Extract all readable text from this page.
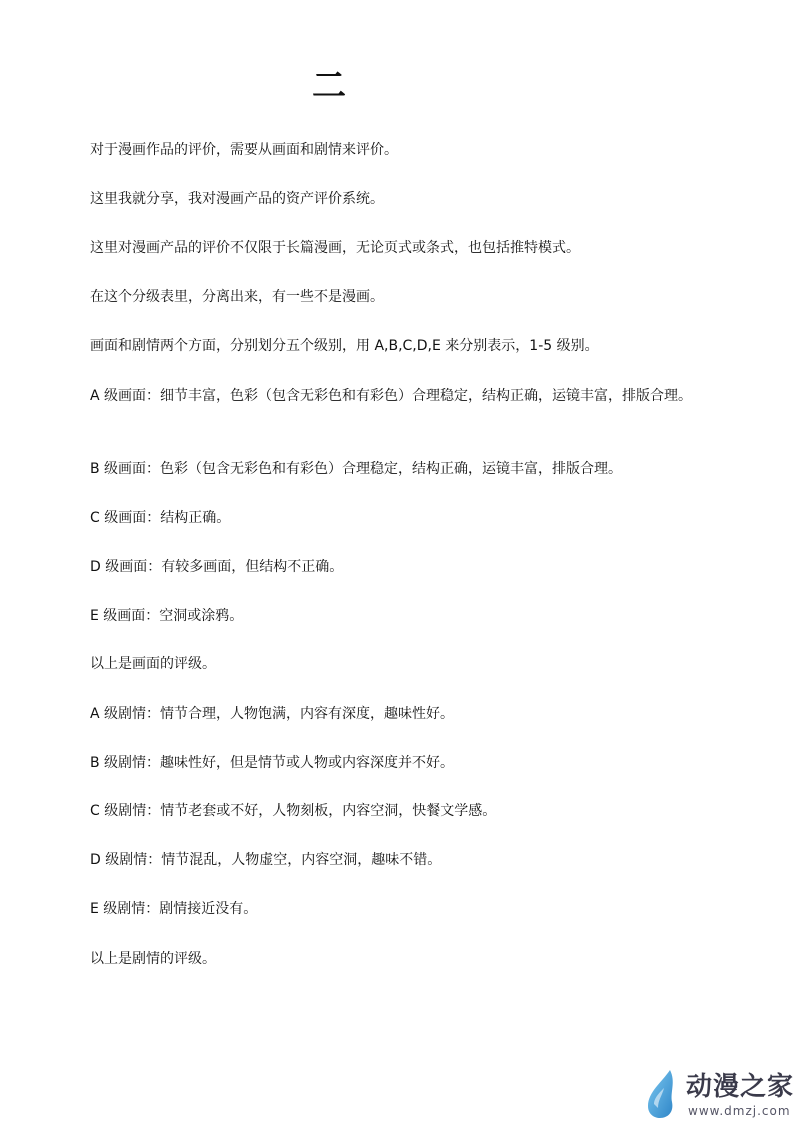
二

对于漫画作品的评价，需要从画面和剧情来评价。

这里我就分享，我对漫画产品的资产评价系统。

这里对漫画产品的评价不仅限于长篇漫画，无论页式或条式，也包括推特模式。

在这个分级表里，分离出来，有一些不是漫画。

画面和剧情两个方面，分别划分五个级别，用 A,B,C,D,E 来分别表示，1-5 级别。

A 级画面：细节丰富，色彩（包含无彩色和有彩色）合理稳定，结构正确，运镜丰富，排版合理。

B 级画面：色彩（包含无彩色和有彩色）合理稳定，结构正确，运镜丰富，排版合理。

C 级画面：结构正确。

D 级画面：有较多画面，但结构不正确。

E 级画面：空洞或涂鸦。

以上是画面的评级。

A 级剧情：情节合理，人物饱满，内容有深度，趣味性好。

B 级剧情：趣味性好，但是情节或人物或内容深度并不好。

C 级剧情：情节老套或不好，人物刻板，内容空洞，快餐文学感。

D 级剧情：情节混乱，人物虚空，内容空洞，趣味不错。

E 级剧情：剧情接近没有。

以上是剧情的评级。

动漫之家
www.dmzj.com
